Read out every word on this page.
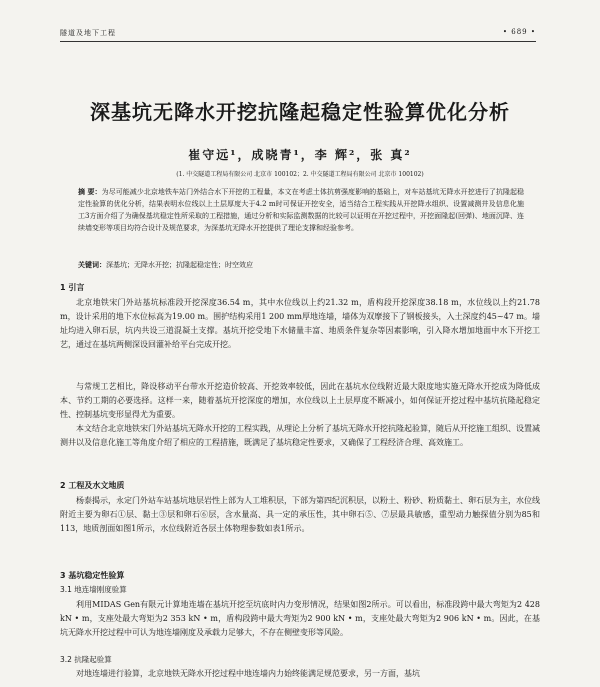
隧道及地下工程	• 689 •
深基坑无降水开挖抗隆起稳定性验算优化分析
崔守远¹，成晓青¹，李 辉²，张 真²
(1. 中交隧道工程局有限公司 北京市 100102；2. 中交隧道工程局有限公司 北京市 100102)
摘 要：为尽可能减少北京地铁车站门外结合水下开挖的工程量，本文在考虑土体抗剪强度影响的基础上，对车站基坑无降水开挖进行了抗隆起稳定性验算的优化分析，结果表明水位线以上土层厚度大于4.2 m时可保证开挖安全，适当结合工程实践从开挖降水组织、设置减测井及信息化施工3方面介绍了为确保基坑稳定性所采取的工程措施，通过分析和实际监测数据的比较可以证明在开挖过程中，开挖面隆起(回弹)、地面沉降、连续墙变形等项目均符合设计及规范要求，为深基坑无降水开挖提供了理论支撑和经验参考。
关键词：深基坑；无降水开挖；抗隆起稳定性；时空效应
1 引言

北京地铁宋门外站基坑标准段开挖深度36.54 m，其中水位线以上约21.32 m，盾构段开挖深度38.18 m，水位线以上约21.78 m，设计采用的地下水位标高为19.00 m。围护结构采用1 200 mm厚地连墙，墙体为双摩接下了钢板接头，入土深度约45~47 m。墙址均进入卵石层，坑内共设三道混凝土支撑。基坑开挖受地下水储量丰富、地质条件复杂等因素影响，引入降水增加地面中水下开挖工艺，通过在基坑两侧深设回灌补给平台完成开挖。

与常规工艺相比，降设移动平台带水开挖造价较高、开挖效率较低，因此在基坑水位线附近最大限度地实施无降水开挖成为降低成本、节约工期的必要选择。这样一来，随着基坑开挖深度的增加，水位线以上土层厚度不断减小，如何保证开挖过程中基坑抗隆起稳定性、控制基坑变形显得尤为重要。

本文结合北京地铁宋门外站基坑无降水开挖的工程实践，从理论上分析了基坑无降水开挖抗隆起验算，随后从开挖施工组织、设置减测井以及信息化施工等角度介绍了相应的工程措施，既满足了基坑稳定性要求，又确保了工程经济合理、高效施工。

2 工程及水文地质

杨泰揭示，永定门外站车站基坑地层岩性上部为人工堆积层，下部为第四纪沉积层，以粉土、粉砂、粉质黏土、卵石层为主，水位线附近主要为卵石①层、黏土③层和卵石⑥层，含水量高、具一定的承压性，其中卵石⑤、⑦层最具敏感，重型动力触探值分别为85和113，地质剖面如图1所示，水位线附近各层土体物理参数如表1所示。

3 基坑稳定性验算
3.1 地连墙刚度验算

利用MIDAS Gen有限元计算地连墙在基坑开挖至坑底时内力变形情况，结果如图2所示。可以看出，标准段跨中最大弯矩为2 428 kN • m，支座处最大弯矩为2 353 kN • m，盾构段跨中最大弯矩为2 900 kN • m，支座处最大弯矩为2 906 kN • m。因此，在基坑无降水开挖过程中可认为地连墙刚度及承载力足够大，不存在侧壁变形等风险。

3.2 抗隆起验算

对地连墙进行验算，北京地铁无降水开挖过程中地连墙内力始终能满足规范要求，另一方面，基坑
